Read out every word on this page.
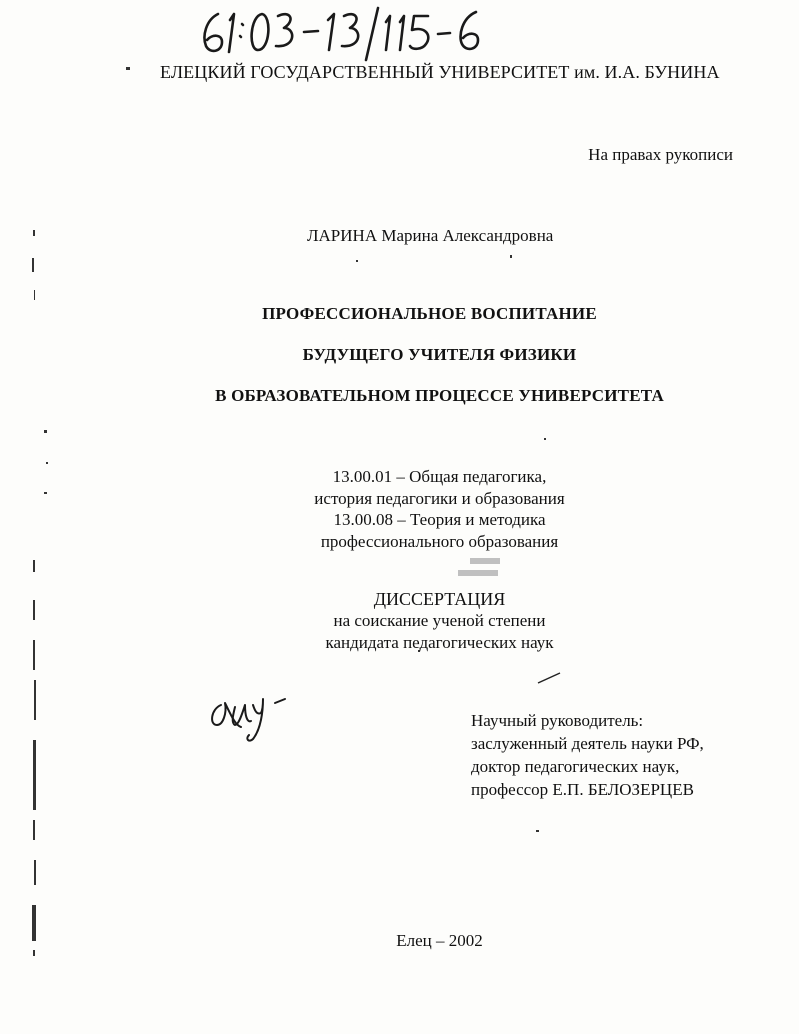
ЕЛЕЦКИЙ ГОСУДАРСТВЕННЫЙ УНИВЕРСИТЕТ им. И.А. БУНИНА
На правах рукописи
ЛАРИНА Марина Александровна
ПРОФЕССИОНАЛЬНОЕ ВОСПИТАНИЕ
БУДУЩЕГО УЧИТЕЛЯ ФИЗИКИ
В ОБРАЗОВАТЕЛЬНОМ ПРОЦЕССЕ УНИВЕРСИТЕТА
13.00.01 – Общая педагогика,
история педагогики и образования
13.00.08 – Теория и методика
профессионального образования
ДИССЕРТАЦИЯ
на соискание ученой степени
кандидата педагогических наук
Научный руководитель:
заслуженный деятель науки РФ,
доктор педагогических наук,
профессор Е.П. БЕЛОЗЕРЦЕВ
Елец – 2002
